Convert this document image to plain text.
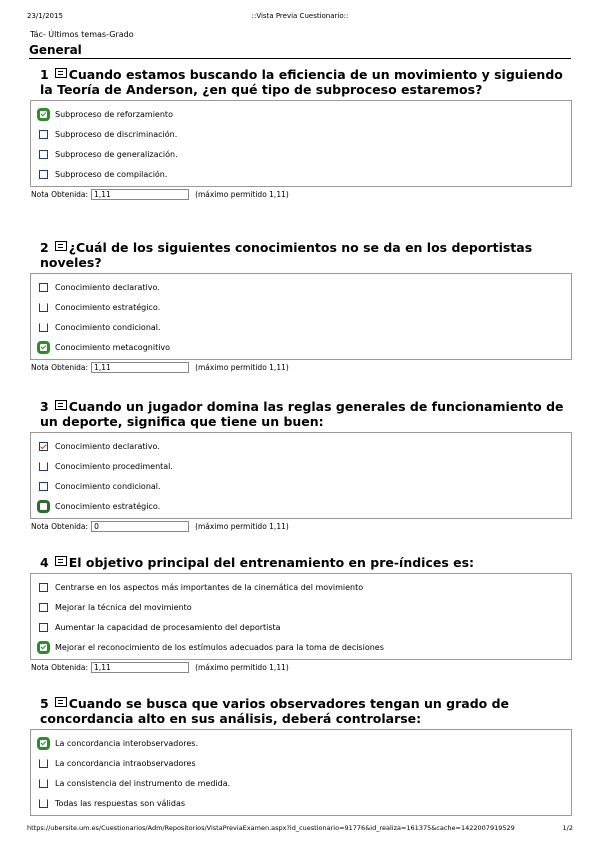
23/1/2015	::Vista Previa Cuestionario::
Tác- Últimos temas-Grado
General
1 Cuando estamos buscando la eficiencia de un movimiento y siguiendo la Teoría de Anderson, ¿en qué tipo de subproceso estaremos?
Subproceso de reforzamiento
Subproceso de discriminación.
Subproceso de generalización.
Subproceso de compilación.
Nota Obtenida: 1,11	(máximo permitido 1,11)
2 ¿Cuál de los siguientes conocimientos no se da en los deportistas noveles?
Conocimiento declarativo.
Conocimiento estratégico.
Conocimiento condicional.
Conocimiento metacognitivo
Nota Obtenida: 1,11	(máximo permitido 1,11)
3 Cuando un jugador domina las reglas generales de funcionamiento de un deporte, significa que tiene un buen:
Conocimiento declarativo.
Conocimiento procedimental.
Conocimiento condicional.
Conocimiento estratégico.
Nota Obtenida: 0	(máximo permitido 1,11)
4 El objetivo principal del entrenamiento en pre-índices es:
Centrarse en los aspectos más importantes de la cinemática del movimiento
Mejorar la técnica del movimiento
Aumentar la capacidad de procesamiento del deportista
Mejorar el reconocimiento de los estímulos adecuados para la toma de decisiones
Nota Obtenida: 1,11	(máximo permitido 1,11)
5 Cuando se busca que varios observadores tengan un grado de concordancia alto en sus análisis, deberá controlarse:
La concordancia interobservadores.
La concordancia intraobservadores
La consistencia del instrumento de medida.
Todas las respuestas son válidas
https://ubersite.um.es/Cuestionarios/Adm/Repositorios/VistaPreviaExamen.aspx?id_cuestionario=91776&id_realiza=161375&cache=1422007919529	1/2
